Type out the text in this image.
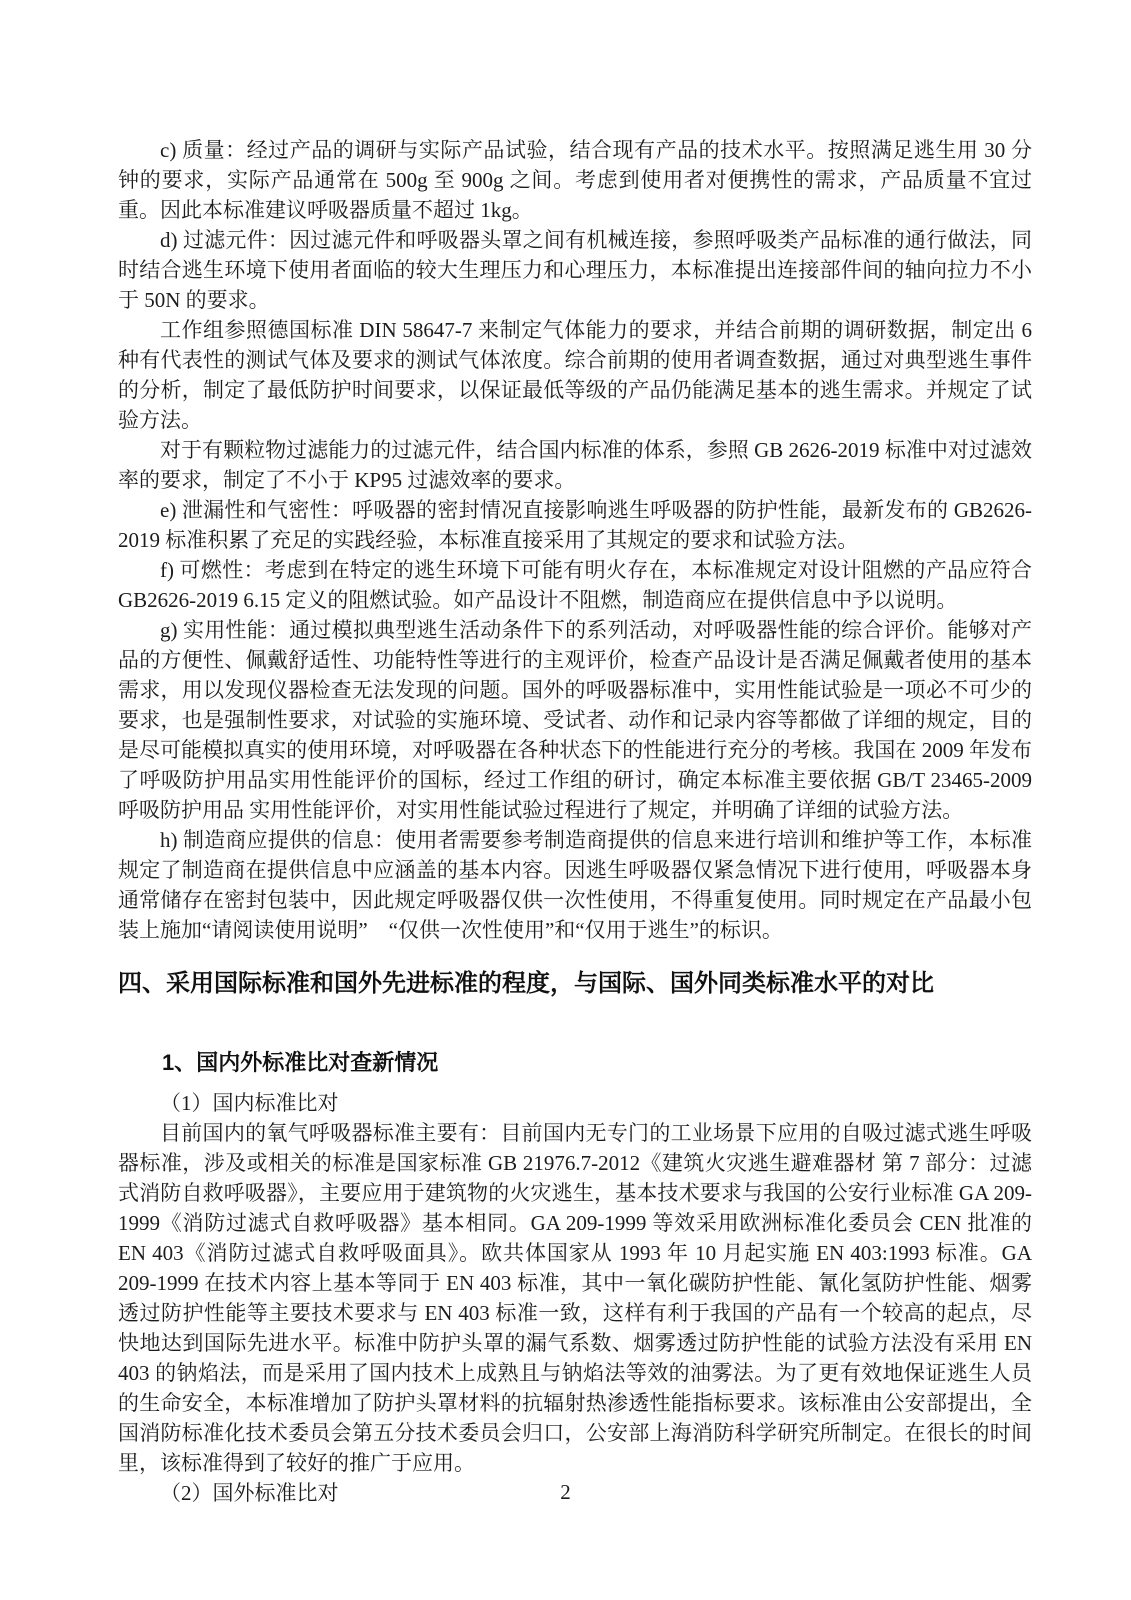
c) 质量：经过产品的调研与实际产品试验，结合现有产品的技术水平。按照满足逃生用 30 分钟的要求，实际产品通常在 500g 至 900g 之间。考虑到使用者对便携性的需求，产品质量不宜过重。因此本标准建议呼吸器质量不超过 1kg。

d) 过滤元件：因过滤元件和呼吸器头罩之间有机械连接，参照呼吸类产品标准的通行做法，同时结合逃生环境下使用者面临的较大生理压力和心理压力，本标准提出连接部件间的轴向拉力不小于 50N 的要求。

工作组参照德国标准 DIN 58647-7 来制定气体能力的要求，并结合前期的调研数据，制定出 6 种有代表性的测试气体及要求的测试气体浓度。综合前期的使用者调查数据，通过对典型逃生事件的分析，制定了最低防护时间要求，以保证最低等级的产品仍能满足基本的逃生需求。并规定了试验方法。

对于有颗粒物过滤能力的过滤元件，结合国内标准的体系，参照 GB 2626-2019 标准中对过滤效率的要求，制定了不小于 KP95 过滤效率的要求。

e) 泄漏性和气密性：呼吸器的密封情况直接影响逃生呼吸器的防护性能，最新发布的 GB2626-2019 标准积累了充足的实践经验，本标准直接采用了其规定的要求和试验方法。

f) 可燃性：考虑到在特定的逃生环境下可能有明火存在，本标准规定对设计阻燃的产品应符合 GB2626-2019 6.15 定义的阻燃试验。如产品设计不阻燃，制造商应在提供信息中予以说明。

g) 实用性能：通过模拟典型逃生活动条件下的系列活动，对呼吸器性能的综合评价。能够对产品的方便性、佩戴舒适性、功能特性等进行的主观评价，检查产品设计是否满足佩戴者使用的基本需求，用以发现仪器检查无法发现的问题。国外的呼吸器标准中，实用性能试验是一项必不可少的要求，也是强制性要求，对试验的实施环境、受试者、动作和记录内容等都做了详细的规定，目的是尽可能模拟真实的使用环境，对呼吸器在各种状态下的性能进行充分的考核。我国在 2009 年发布了呼吸防护用品实用性能评价的国标，经过工作组的研讨，确定本标准主要依据 GB/T 23465-2009 呼吸防护用品 实用性能评价，对实用性能试验过程进行了规定，并明确了详细的试验方法。

h) 制造商应提供的信息：使用者需要参考制造商提供的信息来进行培训和维护等工作，本标准规定了制造商在提供信息中应涵盖的基本内容。因逃生呼吸器仅紧急情况下进行使用，呼吸器本身通常储存在密封包装中，因此规定呼吸器仅供一次性使用，不得重复使用。同时规定在产品最小包装上施加“请阅读使用说明”　“仅供一次性使用”和“仅用于逃生”的标识。

四、采用国际标准和国外先进标准的程度，与国际、国外同类标准水平的对比
1、国内外标准比对查新情况

（1）国内标准比对

目前国内的氧气呼吸器标准主要有：目前国内无专门的工业场景下应用的自吸过滤式逃生呼吸器标准，涉及或相关的标准是国家标准 GB 21976.7-2012《建筑火灾逃生避难器材 第 7 部分：过滤式消防自救呼吸器》，主要应用于建筑物的火灾逃生，基本技术要求与我国的公安行业标准 GA 209-1999《消防过滤式自救呼吸器》基本相同。GA 209-1999 等效采用欧洲标准化委员会 CEN 批准的 EN 403《消防过滤式自救呼吸面具》。欧共体国家从 1993 年 10 月起实施 EN 403:1993 标准。GA 209-1999 在技术内容上基本等同于 EN 403 标准，其中一氧化碳防护性能、氰化氢防护性能、烟雾透过防护性能等主要技术要求与 EN 403 标准一致，这样有利于我国的产品有一个较高的起点，尽快地达到国际先进水平。标准中防护头罩的漏气系数、烟雾透过防护性能的试验方法没有采用 EN 403 的钠焰法，而是采用了国内技术上成熟且与钠焰法等效的油雾法。为了更有效地保证逃生人员的生命安全，本标准增加了防护头罩材料的抗辐射热渗透性能指标要求。该标准由公安部提出，全国消防标准化技术委员会第五分技术委员会归口，公安部上海消防科学研究所制定。在很长的时间里，该标准得到了较好的推广于应用。

（2）国外标准比对	2
